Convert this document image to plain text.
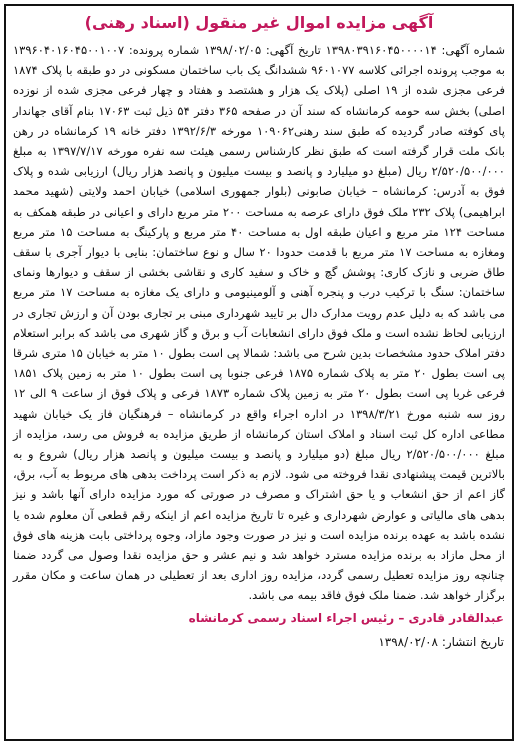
آگهی مزایده اموال غیر منقول (اسناد رهنی)

شماره آگهی: ۱۳۹۸۰۳۹۱۶۰۴۵۰۰۰۰۱۴ تاریخ آگهی: ۱۳۹۸/۰۲/۰۵ شماره پرونده: ۱۳۹۶۰۴۰۱۶۰۴۵۰۰۱۰۰۷ به موجب پرونده اجرائی کلاسه ۹۶۰۱۰۷۷ ششدانگ یک باب ساختمان مسکونی در دو طبقه با پلاک ۱۸۷۴ فرعی مجزی شده از ۱۹ اصلی (پلاک یک هزار و هشتصد و هفتاد و چهار فرعی مجزی شده از نوزده اصلی) بخش سه حومه کرمانشاه که سند آن در صفحه ۳۶۵ دفتر ۵۴ ذیل ثبت ۱۷۰۶۳ بنام آقای جهاندار پای کوفته صادر گردیده که طبق سند رهنی۱۰۹۰۶۲ مورخه ۱۳۹۲/۶/۳ دفتر خانه ۱۹ کرمانشاه در رهن بانک ملت قرار گرفته است که طبق نظر کارشناس رسمی هیئت سه نفره مورخه ۱۳۹۷/۷/۱۷ به مبلغ ۲/۵۲۰/۵۰۰/۰۰۰ ریال (مبلغ دو میلیارد و پانصد و بیست میلیون و پانصد هزار ریال) ارزیابی شده و پلاک فوق به آدرس: کرمانشاه – خیابان صابونی (بلوار جمهوری اسلامی) خیابان احمد ولایتی (شهید محمد ابراهیمی) پلاک ۲۳۲ ملک فوق دارای عرصه به مساحت ۲۰۰ متر مربع دارای و اعیانی در طبقه همکف به مساحت ۱۲۴ متر مربع و اعیان طبقه اول به مساحت ۴۰ متر مربع و پارکینگ به مساحت ۱۵ متر مربع ومغازه به مساحت ۱۷ متر مربع با قدمت حدودا ۲۰ سال و نوع ساختمان: بنایی با دیوار آجری با سقف طاق ضربی و نازک کاری: پوشش گچ و خاک و سفید کاری و نقاشی بخشی از سقف و دیوارها ونمای ساختمان: سنگ با ترکیب درب و پنجره آهنی و آلومینیومی و دارای یک مغازه به مساحت ۱۷ متر مربع می باشد که به دلیل عدم رویت مدارک دال بر تایید شهرداری مبنی بر تجاری بودن آن و ارزش تجاری در ارزیابی لحاظ نشده است و ملک فوق دارای انشعابات آب و برق و گاز شهری می باشد که برابر استعلام دفتر املاک حدود مشخصات بدین شرح می باشد: شمالا پی است بطول ۱۰ متر به خیابان ۱۵ متری شرقا پی است بطول ۲۰ متر به پلاک شماره ۱۸۷۵ فرعی جنوبا پی است بطول ۱۰ متر به زمین پلاک ۱۸۵۱ فرعی غربا پی است بطول ۲۰ متر به زمین پلاک شماره ۱۸۷۳ فرعی و پلاک فوق از ساعت ۹ الی ۱۲ روز سه شنبه مورخ ۱۳۹۸/۳/۲۱ در اداره اجراء واقع در کرمانشاه – فرهنگیان فاز یک خیابان شهید مطاعی اداره کل ثبت اسناد و املاک استان کرمانشاه از طریق مزایده به فروش می رسد، مزایده از مبلغ ۲/۵۲۰/۵۰۰/۰۰۰ ریال مبلغ (دو میلیارد و پانصد و بیست میلیون و پانصد هزار ریال) شروع و به بالاترین قیمت پیشنهادی نقدا فروخته می شود. لازم به ذکر است پرداخت بدهی های مربوط به آب، برق، گاز اعم از حق انشعاب و یا حق اشتراک و مصرف در صورتی که مورد مزایده دارای آنها باشد و نیز بدهی های مالیاتی و عوارض شهرداری و غیره تا تاریخ مزایده اعم از اینکه رقم قطعی آن معلوم شده یا نشده باشد به عهده برنده مزایده است و نیز در صورت وجود مازاد، وجوه پرداختی بابت هزینه های فوق از محل مازاد به برنده مزایده مسترد خواهد شد و نیم عشر و حق مزایده نقدا وصول می گردد ضمنا چنانچه روز مزایده تعطیل رسمی گردد، مزایده روز اداری بعد از تعطیلی در همان ساعت و مکان مقرر برگزار خواهد شد. ضمنا ملک فوق فاقد بیمه می باشد.

عبدالقادر قادری – رئیس اجراء اسناد رسمی کرمانشاه
تاریخ انتشار: ۱۳۹۸/۰۲/۰۸
